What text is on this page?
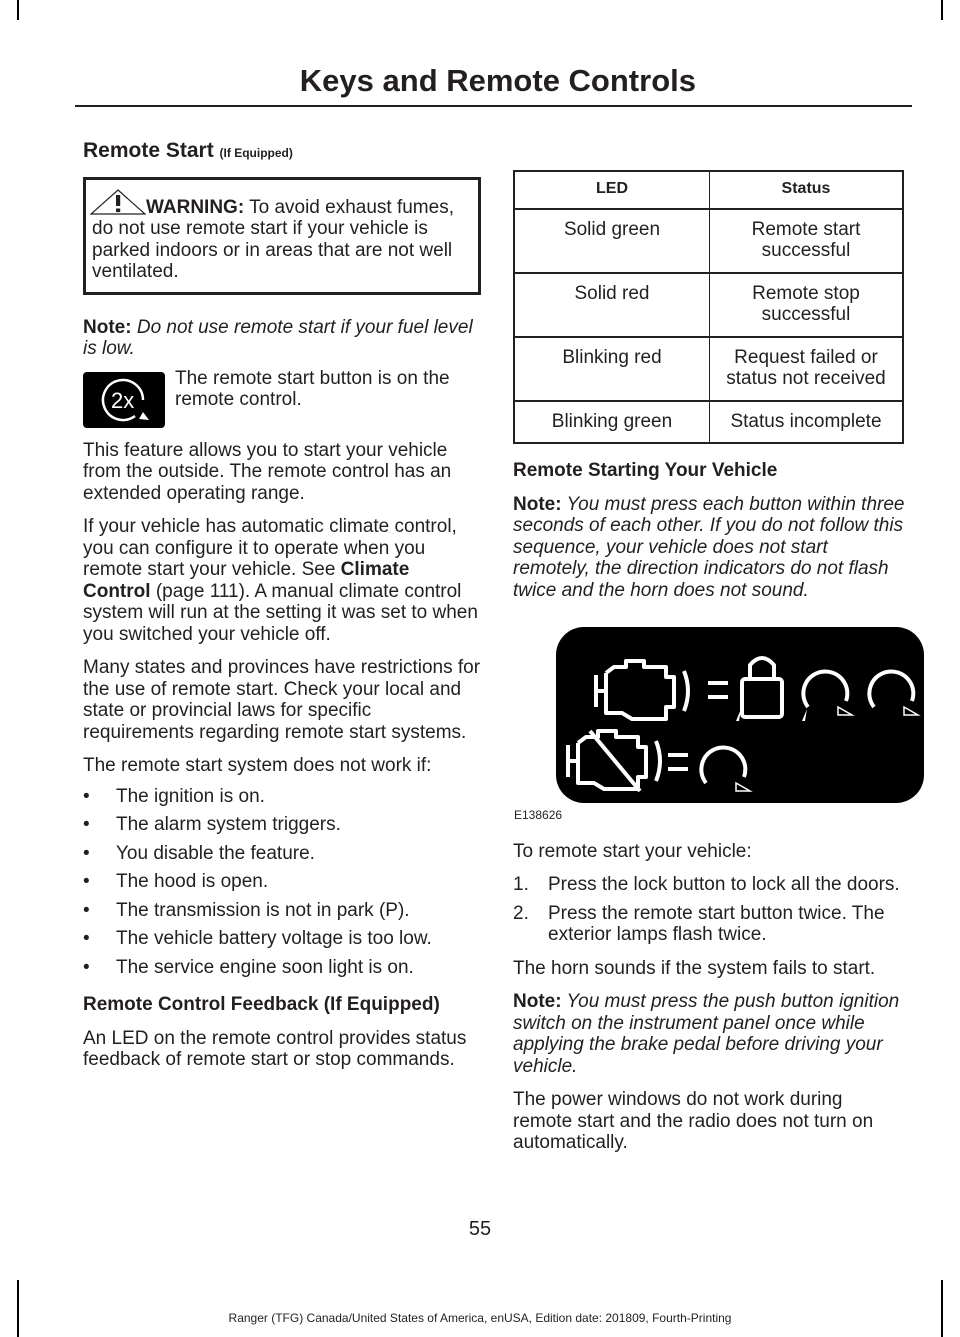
Keys and Remote Controls

Remote Start (If Equipped)

WARNING: To avoid exhaust fumes, do not use remote start if your vehicle is parked indoors or in areas that are not well ventilated.

Note: Do not use remote start if your fuel level is low.

2x
The remote start button is on the remote control.

This feature allows you to start your vehicle from the outside. The remote control has an extended operating range.

If your vehicle has automatic climate control, you can configure it to operate when you remote start your vehicle. See Climate Control (page 111). A manual climate control system will run at the setting it was set to when you switched your vehicle off.

Many states and provinces have restrictions for the use of remote start. Check your local and state or provincial laws for specific requirements regarding remote start systems.

The remote start system does not work if:

• The ignition is on.
• The alarm system triggers.
• You disable the feature.
• The hood is open.
• The transmission is not in park (P).
• The vehicle battery voltage is too low.
• The service engine soon light is on.

Remote Control Feedback (If Equipped)

An LED on the remote control provides status feedback of remote start or stop commands.

LED	Status
Solid green	Remote start successful
Solid red	Remote stop successful
Blinking red	Request failed or status not received
Blinking green	Status incomplete

Remote Starting Your Vehicle

Note: You must press each button within three seconds of each other. If you do not follow this sequence, your vehicle does not start remotely, the direction indicators do not flash twice and the horn does not sound.

E138626

To remote start your vehicle:

1. Press the lock button to lock all the doors.
2. Press the remote start button twice. The exterior lamps flash twice.

The horn sounds if the system fails to start.

Note: You must press the push button ignition switch on the instrument panel once while applying the brake pedal before driving your vehicle.

The power windows do not work during remote start and the radio does not turn on automatically.

55
Ranger (TFG) Canada/United States of America, enUSA, Edition date: 201809, Fourth-Printing
